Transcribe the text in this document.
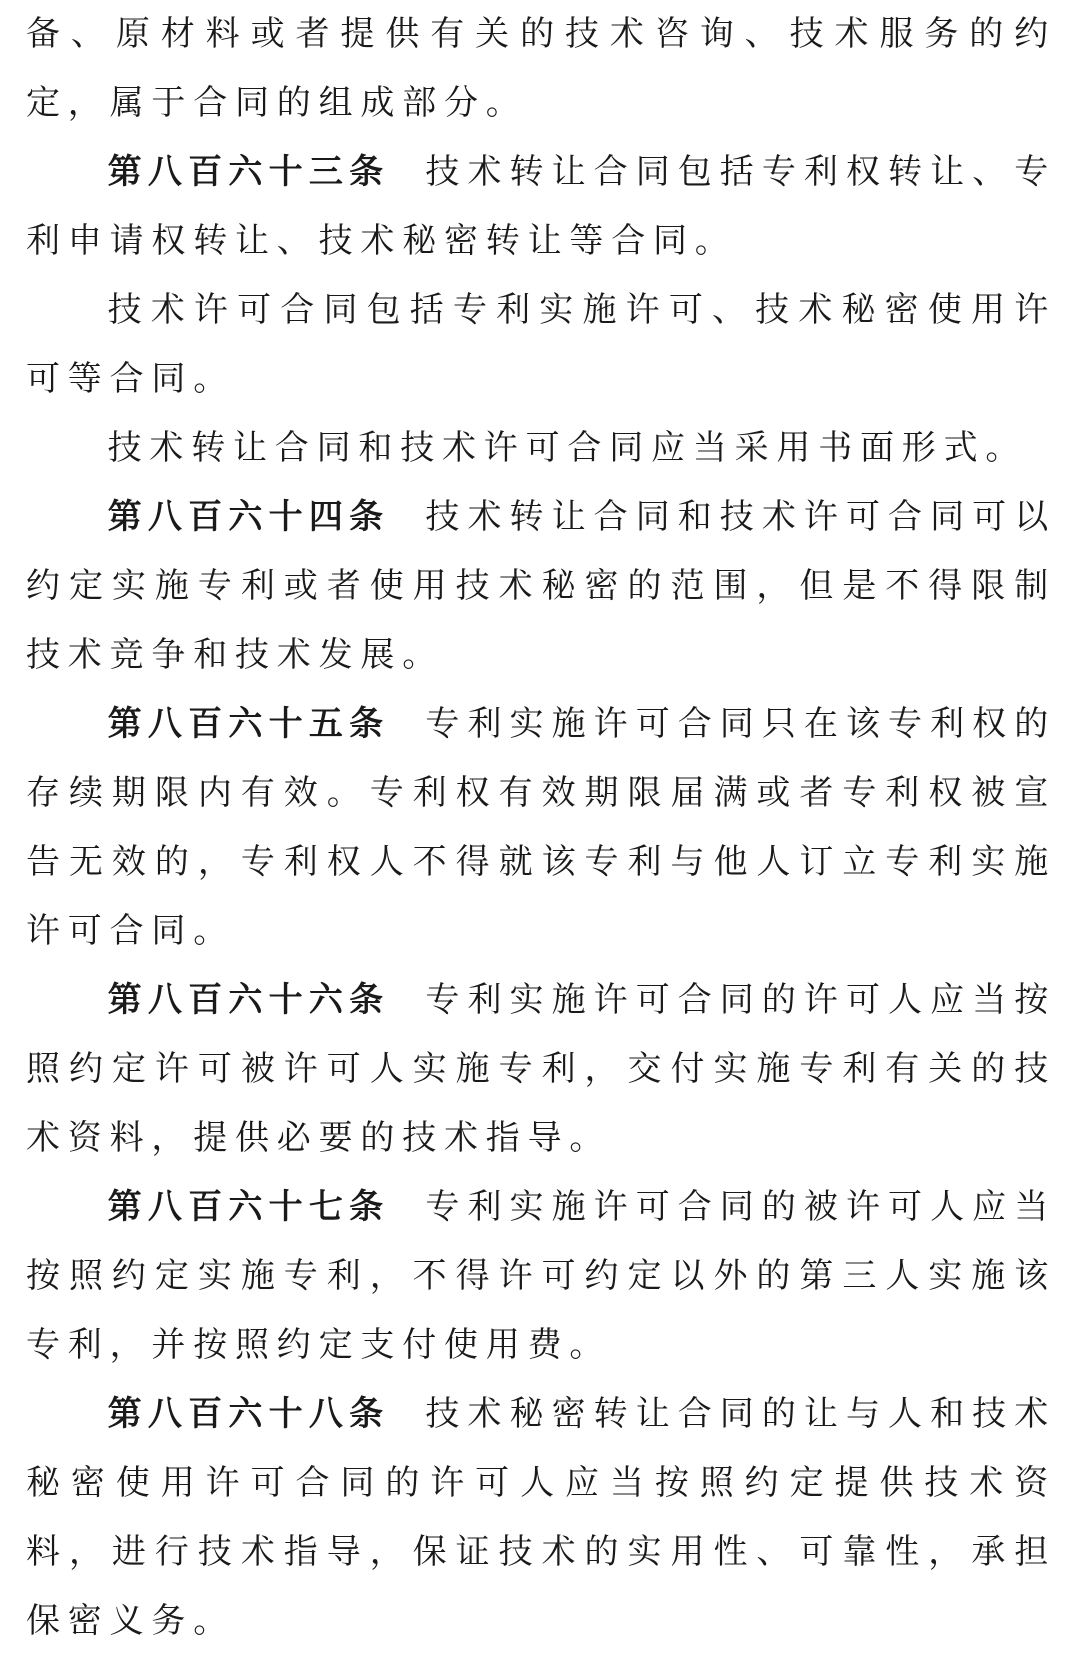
备、原材料或者提供有关的技术咨询、技术服务的约定，属于合同的组成部分。

第八百六十三条 技术转让合同包括专利权转让、专利申请权转让、技术秘密转让等合同。

技术许可合同包括专利实施许可、技术秘密使用许可等合同。

技术转让合同和技术许可合同应当采用书面形式。

第八百六十四条 技术转让合同和技术许可合同可以约定实施专利或者使用技术秘密的范围，但是不得限制技术竞争和技术发展。

第八百六十五条 专利实施许可合同只在该专利权的存续期限内有效。专利权有效期限届满或者专利权被宣告无效的，专利权人不得就该专利与他人订立专利实施许可合同。

第八百六十六条 专利实施许可合同的许可人应当按照约定许可被许可人实施专利，交付实施专利有关的技术资料，提供必要的技术指导。

第八百六十七条 专利实施许可合同的被许可人应当按照约定实施专利，不得许可约定以外的第三人实施该专利，并按照约定支付使用费。

第八百六十八条 技术秘密转让合同的让与人和技术秘密使用许可合同的许可人应当按照约定提供技术资料，进行技术指导，保证技术的实用性、可靠性，承担保密义务。
